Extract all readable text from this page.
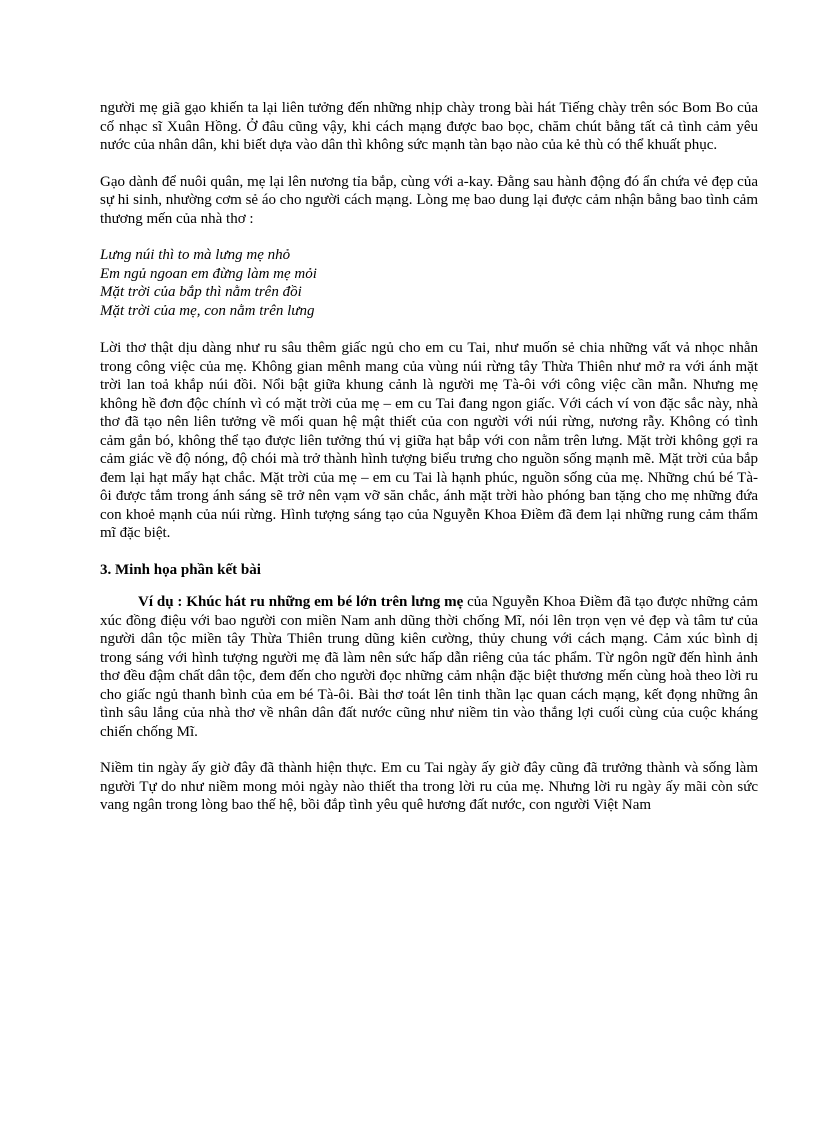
người mẹ giã gạo khiến ta lại liên tưởng đến những nhịp chày trong bài hát Tiếng chày trên sóc Bom Bo của cố nhạc sĩ Xuân Hồng. Ở đâu cũng vậy, khi cách mạng được bao bọc, chăm chút bằng tất cả tình cảm yêu nước của nhân dân, khi biết dựa vào dân thì không sức mạnh tàn bạo nào của kẻ thù có thể khuất phục.

Gạo dành để nuôi quân, mẹ lại lên nương tỉa bắp, cùng với a-kay. Đằng sau hành động đó ẩn chứa vẻ đẹp của sự hi sinh, nhường cơm sẻ áo cho người cách mạng. Lòng mẹ bao dung lại được cảm nhận bằng bao tình cảm thương mến của nhà thơ :

Lưng núi thì to mà lưng mẹ nhỏ
Em ngủ ngoan em đừng làm mẹ mỏi
Mặt trời của bắp thì nằm trên đồi
Mặt trời của mẹ, con nằm trên lưng

Lời thơ thật dịu dàng như ru sâu thêm giấc ngủ cho em cu Tai, như muốn sẻ chia những vất vả nhọc nhằn trong công việc của mẹ. Không gian mênh mang của vùng núi rừng tây Thừa Thiên như mở ra với ánh mặt trời lan toả khắp núi đồi. Nổi bật giữa khung cảnh là người mẹ Tà-ôi với công việc cần mẫn. Nhưng mẹ không hề đơn độc chính vì có mặt trời của mẹ – em cu Tai đang ngon giấc. Với cách ví von đặc sắc này, nhà thơ đã tạo nên liên tưởng về mối quan hệ mật thiết của con người với núi rừng, nương rẫy. Không có tình cảm gắn bó, không thể tạo được liên tưởng thú vị giữa hạt bắp với con nằm trên lưng. Mặt trời không gợi ra cảm giác về độ nóng, độ chói mà trở thành hình tượng biểu trưng cho nguồn sống mạnh mẽ. Mặt trời của bắp đem lại hạt mẩy hạt chắc. Mặt trời của mẹ – em cu Tai là hạnh phúc, nguồn sống của mẹ. Những chú bé Tà-ôi được tắm trong ánh sáng sẽ trở nên vạm vỡ săn chắc, ánh mặt trời hào phóng ban tặng cho mẹ những đứa con khoẻ mạnh của núi rừng. Hình tượng sáng tạo của Nguyễn Khoa Điềm đã đem lại những rung cảm thẩm mĩ đặc biệt.

3. Minh họa phần kết bài

Ví dụ : Khúc hát ru những em bé lớn trên lưng mẹ của Nguyễn Khoa Điềm đã tạo được những cảm xúc đồng điệu với bao người con miền Nam anh dũng thời chống Mĩ, nói lên trọn vẹn vẻ đẹp và tâm tư của người dân tộc miền tây Thừa Thiên trung dũng kiên cường, thủy chung với cách mạng. Cảm xúc bình dị trong sáng với hình tượng người mẹ đã làm nên sức hấp dẫn riêng của tác phẩm. Từ ngôn ngữ đến hình ảnh thơ đều đậm chất dân tộc, đem đến cho người đọc những cảm nhận đặc biệt thương mến cùng hoà theo lời ru cho giấc ngủ thanh bình của em bé Tà-ôi. Bài thơ toát lên tinh thần lạc quan cách mạng, kết đọng những ân tình sâu lắng của nhà thơ về nhân dân đất nước cũng như niềm tin vào thắng lợi cuối cùng của cuộc kháng chiến chống Mĩ.

Niềm tin ngày ấy giờ đây đã thành hiện thực. Em cu Tai ngày ấy giờ đây cũng đã trưởng thành và sống làm người Tự do như niềm mong mỏi ngày nào thiết tha trong lời ru của mẹ. Nhưng lời ru ngày ấy mãi còn sức vang ngân trong lòng bao thế hệ, bồi đắp tình yêu quê hương đất nước, con người Việt Nam
